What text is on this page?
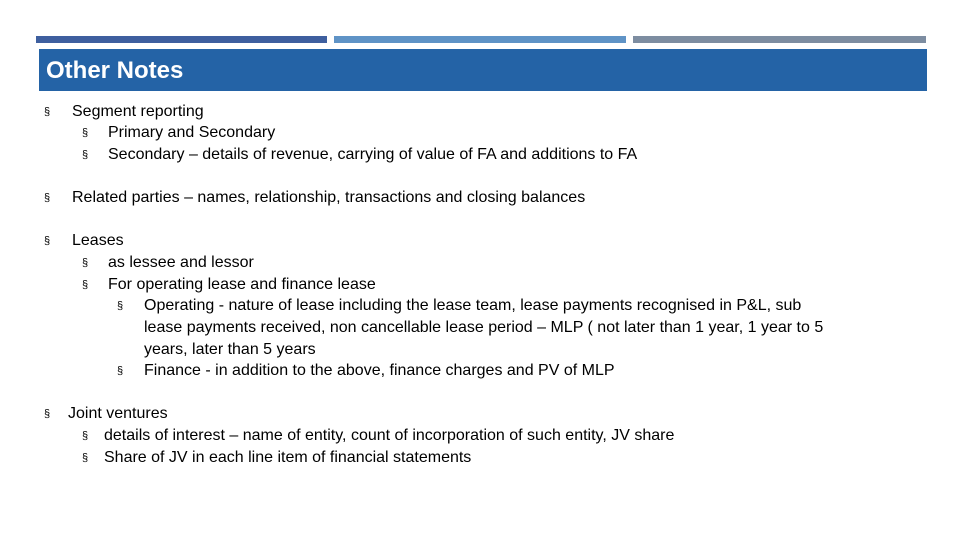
Other Notes
§ Segment reporting
§ Primary and Secondary
§ Secondary – details of revenue, carrying of value of FA and additions to FA
§ Related parties – names, relationship, transactions and closing balances
§ Leases
§ as lessee and lessor
§ For operating lease and finance lease
§ Operating - nature of lease including the lease team, lease payments recognised in P&L, sub
lease payments received, non cancellable lease period – MLP ( not later than 1 year, 1 year to 5
years, later than 5 years
§ Finance - in addition to the above, finance charges and PV of MLP
§ Joint ventures
§ details of interest – name of entity, count of incorporation of such entity, JV share
§ Share of JV in each line item of financial statements
